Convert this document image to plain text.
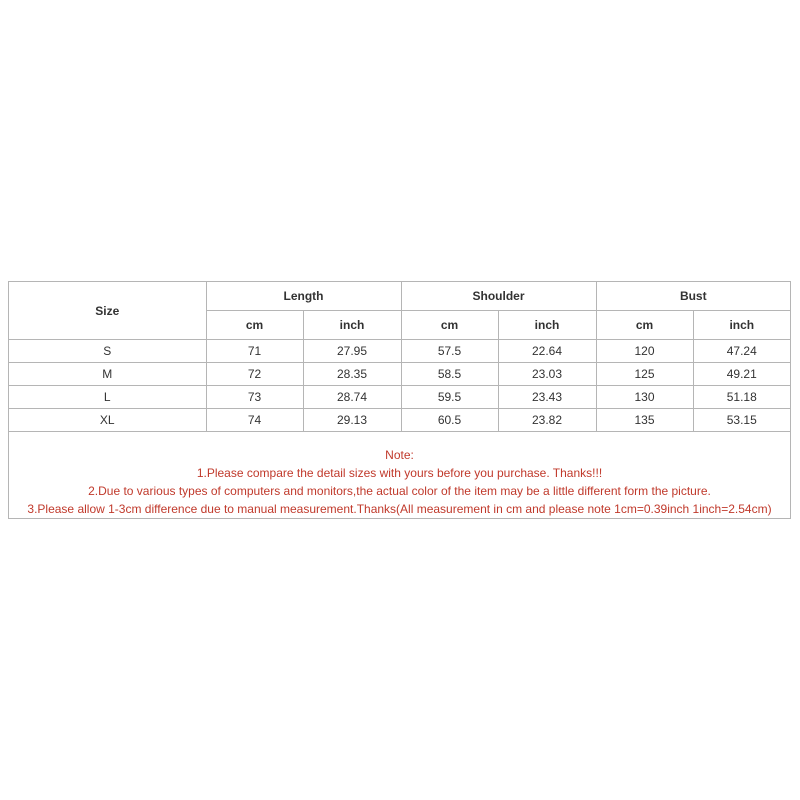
Size	Length		Shoulder		Bust	
	cm	inch	cm	inch	cm	inch
S	71	27.95	57.5	22.64	120	47.24
M	72	28.35	58.5	23.03	125	49.21
L	73	28.74	59.5	23.43	130	51.18
XL	74	29.13	60.5	23.82	135	53.15
Note:
1.Please compare the detail sizes with yours before you purchase. Thanks!!!
2.Due to various types of computers and monitors,the actual color of the item may be a little different form the picture.
3.Please allow 1-3cm difference due to manual measurement.Thanks(All measurement in cm and please note 1cm=0.39inch 1inch=2.54cm)
